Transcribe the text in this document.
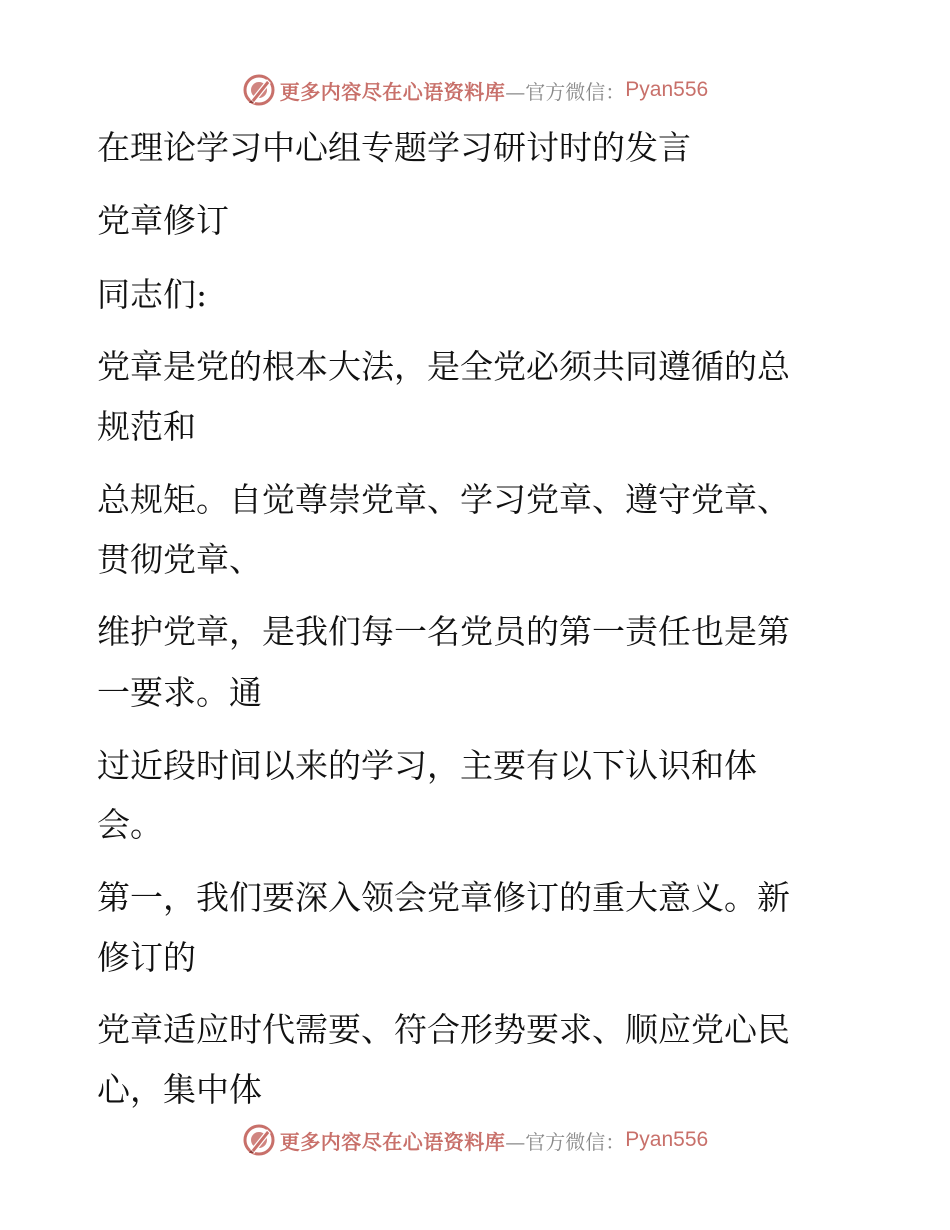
更多内容尽在心语资料库 —官方微信： Pyan556
在理论学习中心组专题学习研讨时的发言
党章修订
同志们:
党章是党的根本大法，是全党必须共同遵循的总
规范和
总规矩。自觉尊崇党章、学习党章、遵守党章、
贯彻党章、
维护党章，是我们每一名党员的第一责任也是第
一要求。通
过近段时间以来的学习，主要有以下认识和体
会。
第一，我们要深入领会党章修订的重大意义。新
修订的
党章适应时代需要、符合形势要求、顺应党心民
心，集中体
更多内容尽在心语资料库 —官方微信： Pyan556
